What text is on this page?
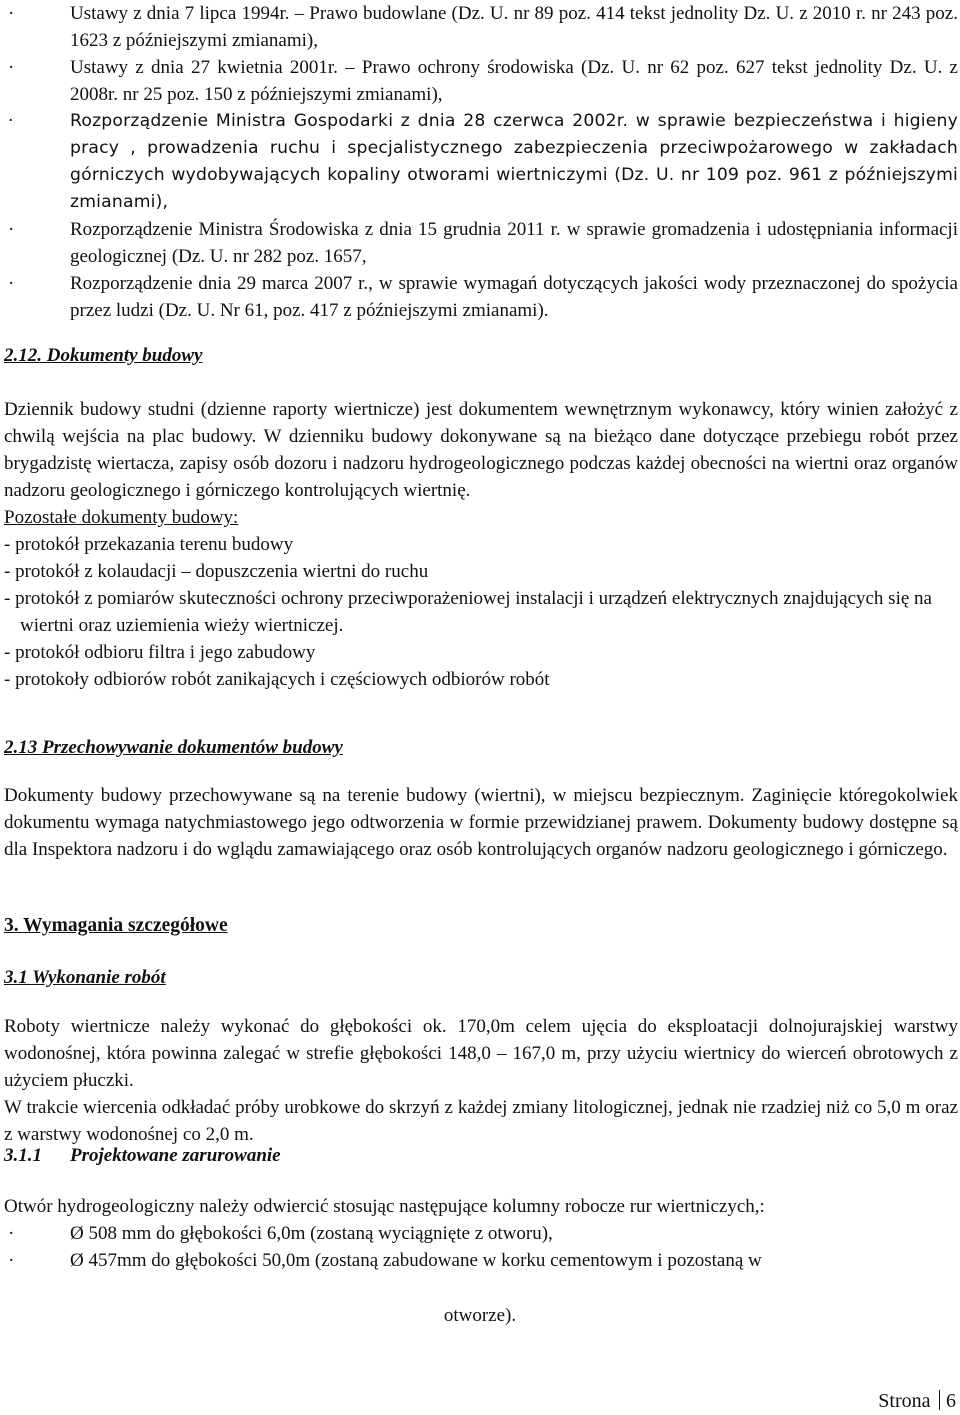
·	Ustawy z dnia 7 lipca 1994r. – Prawo budowlane (Dz. U. nr 89 poz. 414 tekst jednolity Dz. U. z 2010 r. nr 243 poz. 1623 z późniejszymi zmianami),
·	Ustawy z dnia 27 kwietnia 2001r. – Prawo ochrony środowiska (Dz. U. nr 62 poz. 627 tekst jednolity Dz. U. z 2008r. nr 25 poz. 150 z późniejszymi zmianami),
·	Rozporządzenie Ministra Gospodarki z dnia 28 czerwca 2002r. w sprawie bezpieczeństwa i higieny pracy , prowadzenia ruchu i specjalistycznego zabezpieczenia przeciwpożarowego w zakładach górniczych wydobywających kopaliny otworami wiertniczymi (Dz. U. nr 109 poz. 961 z późniejszymi zmianami),
·	Rozporządzenie Ministra Środowiska z dnia 15 grudnia 2011 r. w sprawie gromadzenia i udostępniania informacji geologicznej (Dz. U. nr 282 poz. 1657,
·	Rozporządzenie dnia 29 marca 2007 r., w sprawie wymagań dotyczących jakości wody przeznaczonej do spożycia przez ludzi (Dz. U. Nr 61, poz. 417 z późniejszymi zmianami).
2.12. Dokumenty budowy
Dziennik budowy studni (dzienne raporty wiertnicze) jest dokumentem wewnętrznym wykonawcy, który winien założyć z chwilą wejścia na plac budowy. W dzienniku budowy dokonywane są na bieżąco dane dotyczące przebiegu robót przez brygadzistę wiertacza, zapisy osób dozoru i nadzoru hydrogeologicznego podczas każdej obecności na wiertni oraz organów nadzoru geologicznego i górniczego kontrolujących wiertnię.
Pozostałe dokumenty budowy:
- protokół przekazania terenu budowy
- protokół z kolaudacji – dopuszczenia wiertni do ruchu
- protokół z pomiarów skuteczności ochrony przeciwporażeniowej instalacji i urządzeń elektrycznych znajdujących się na wiertni oraz uziemienia wieży wiertniczej.
- protokół odbioru filtra i jego zabudowy
- protokoły odbiorów robót zanikających i częściowych odbiorów robót
2.13 Przechowywanie dokumentów budowy
Dokumenty budowy przechowywane są na terenie budowy (wiertni), w miejscu bezpiecznym. Zaginięcie któregokolwiek dokumentu wymaga natychmiastowego jego odtworzenia w formie przewidzianej prawem. Dokumenty budowy dostępne są dla Inspektora nadzoru i do wglądu zamawiającego oraz osób kontrolujących organów nadzoru geologicznego i górniczego.
3. Wymagania szczegółowe
3.1 Wykonanie robót
Roboty wiertnicze należy wykonać do głębokości ok. 170,0m celem ujęcia do eksploatacji dolnojurajskiej warstwy wodonośnej, która powinna zalegać w strefie głębokości 148,0 – 167,0 m, przy użyciu wiertnicy do wierceń obrotowych z użyciem płuczki.
W trakcie wiercenia odkładać próby urobkowe do skrzyń z każdej zmiany litologicznej, jednak nie rzadziej niż co 5,0 m oraz z warstwy wodonośnej co 2,0 m.
3.1.1 Projektowane zarurowanie
Otwór hydrogeologiczny należy odwiercić stosując następujące kolumny robocze rur wiertniczych,:
·	Ø 508 mm do głębokości 6,0m (zostaną wyciągnięte z otworu),
·	Ø 457mm do głębokości 50,0m (zostaną zabudowane w korku cementowym i pozostaną w
otworze).
Strona 6
